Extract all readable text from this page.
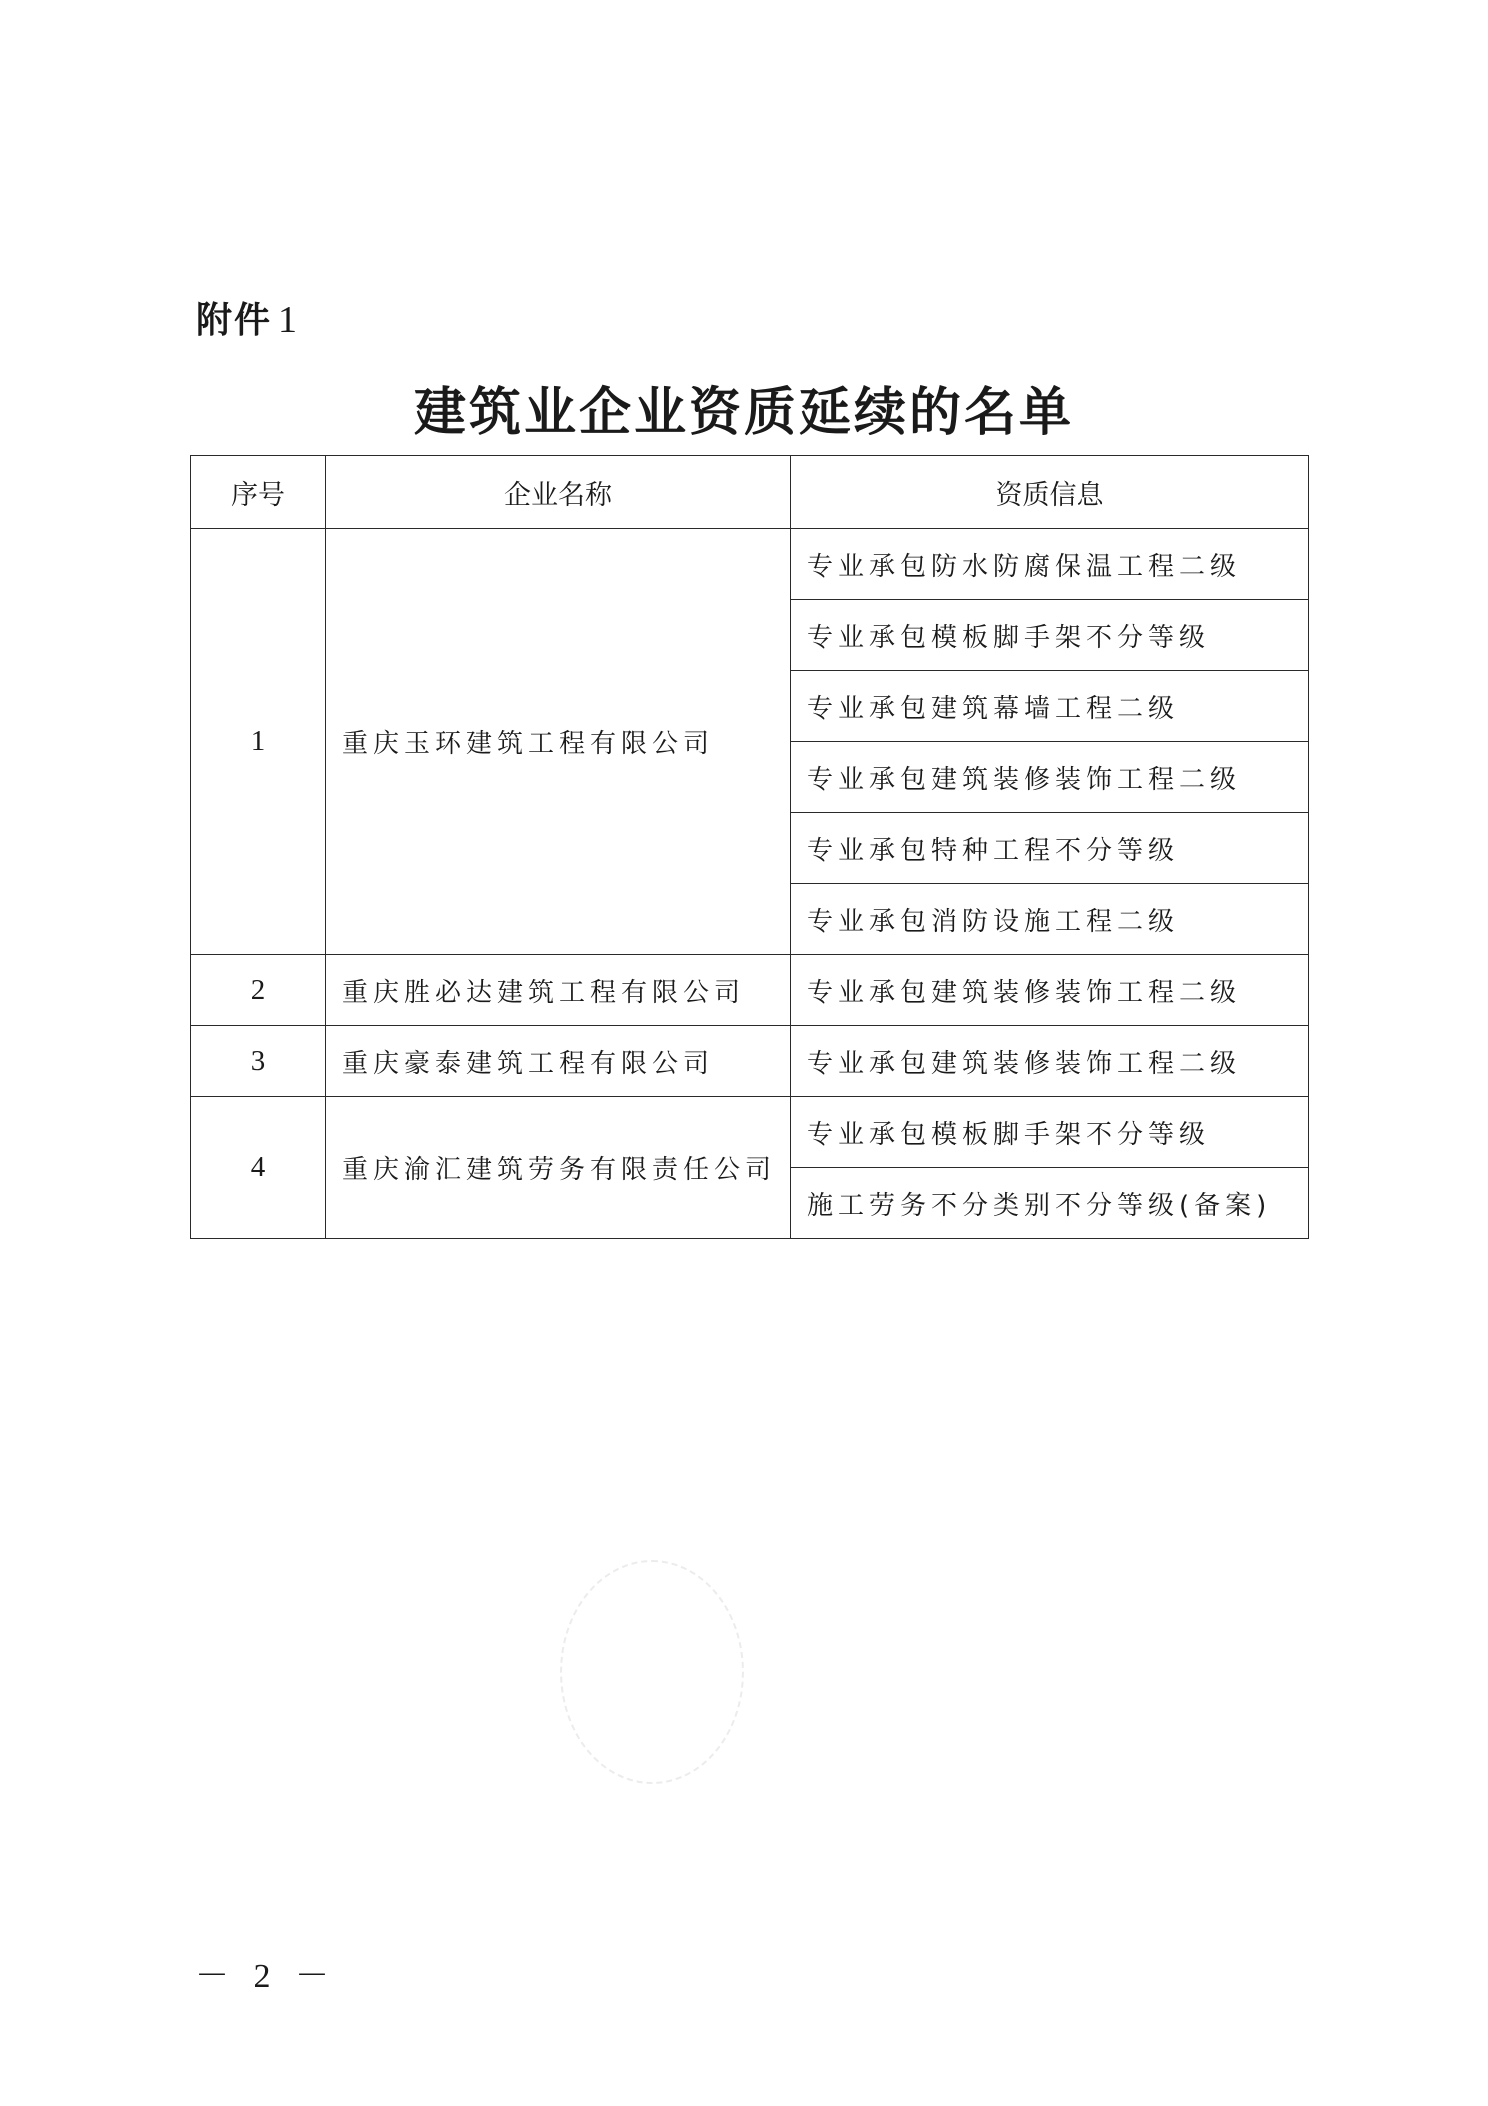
附件 1
建筑业企业资质延续的名单
序号	企业名称	资质信息
1	重庆玉环建筑工程有限公司	专业承包防水防腐保温工程二级
		专业承包模板脚手架不分等级
		专业承包建筑幕墙工程二级
		专业承包建筑装修装饰工程二级
		专业承包特种工程不分等级
		专业承包消防设施工程二级
2	重庆胜必达建筑工程有限公司	专业承包建筑装修装饰工程二级
3	重庆豪泰建筑工程有限公司	专业承包建筑装修装饰工程二级
4	重庆渝汇建筑劳务有限责任公司	专业承包模板脚手架不分等级
		施工劳务不分类别不分等级(备案)
－ 2 －
